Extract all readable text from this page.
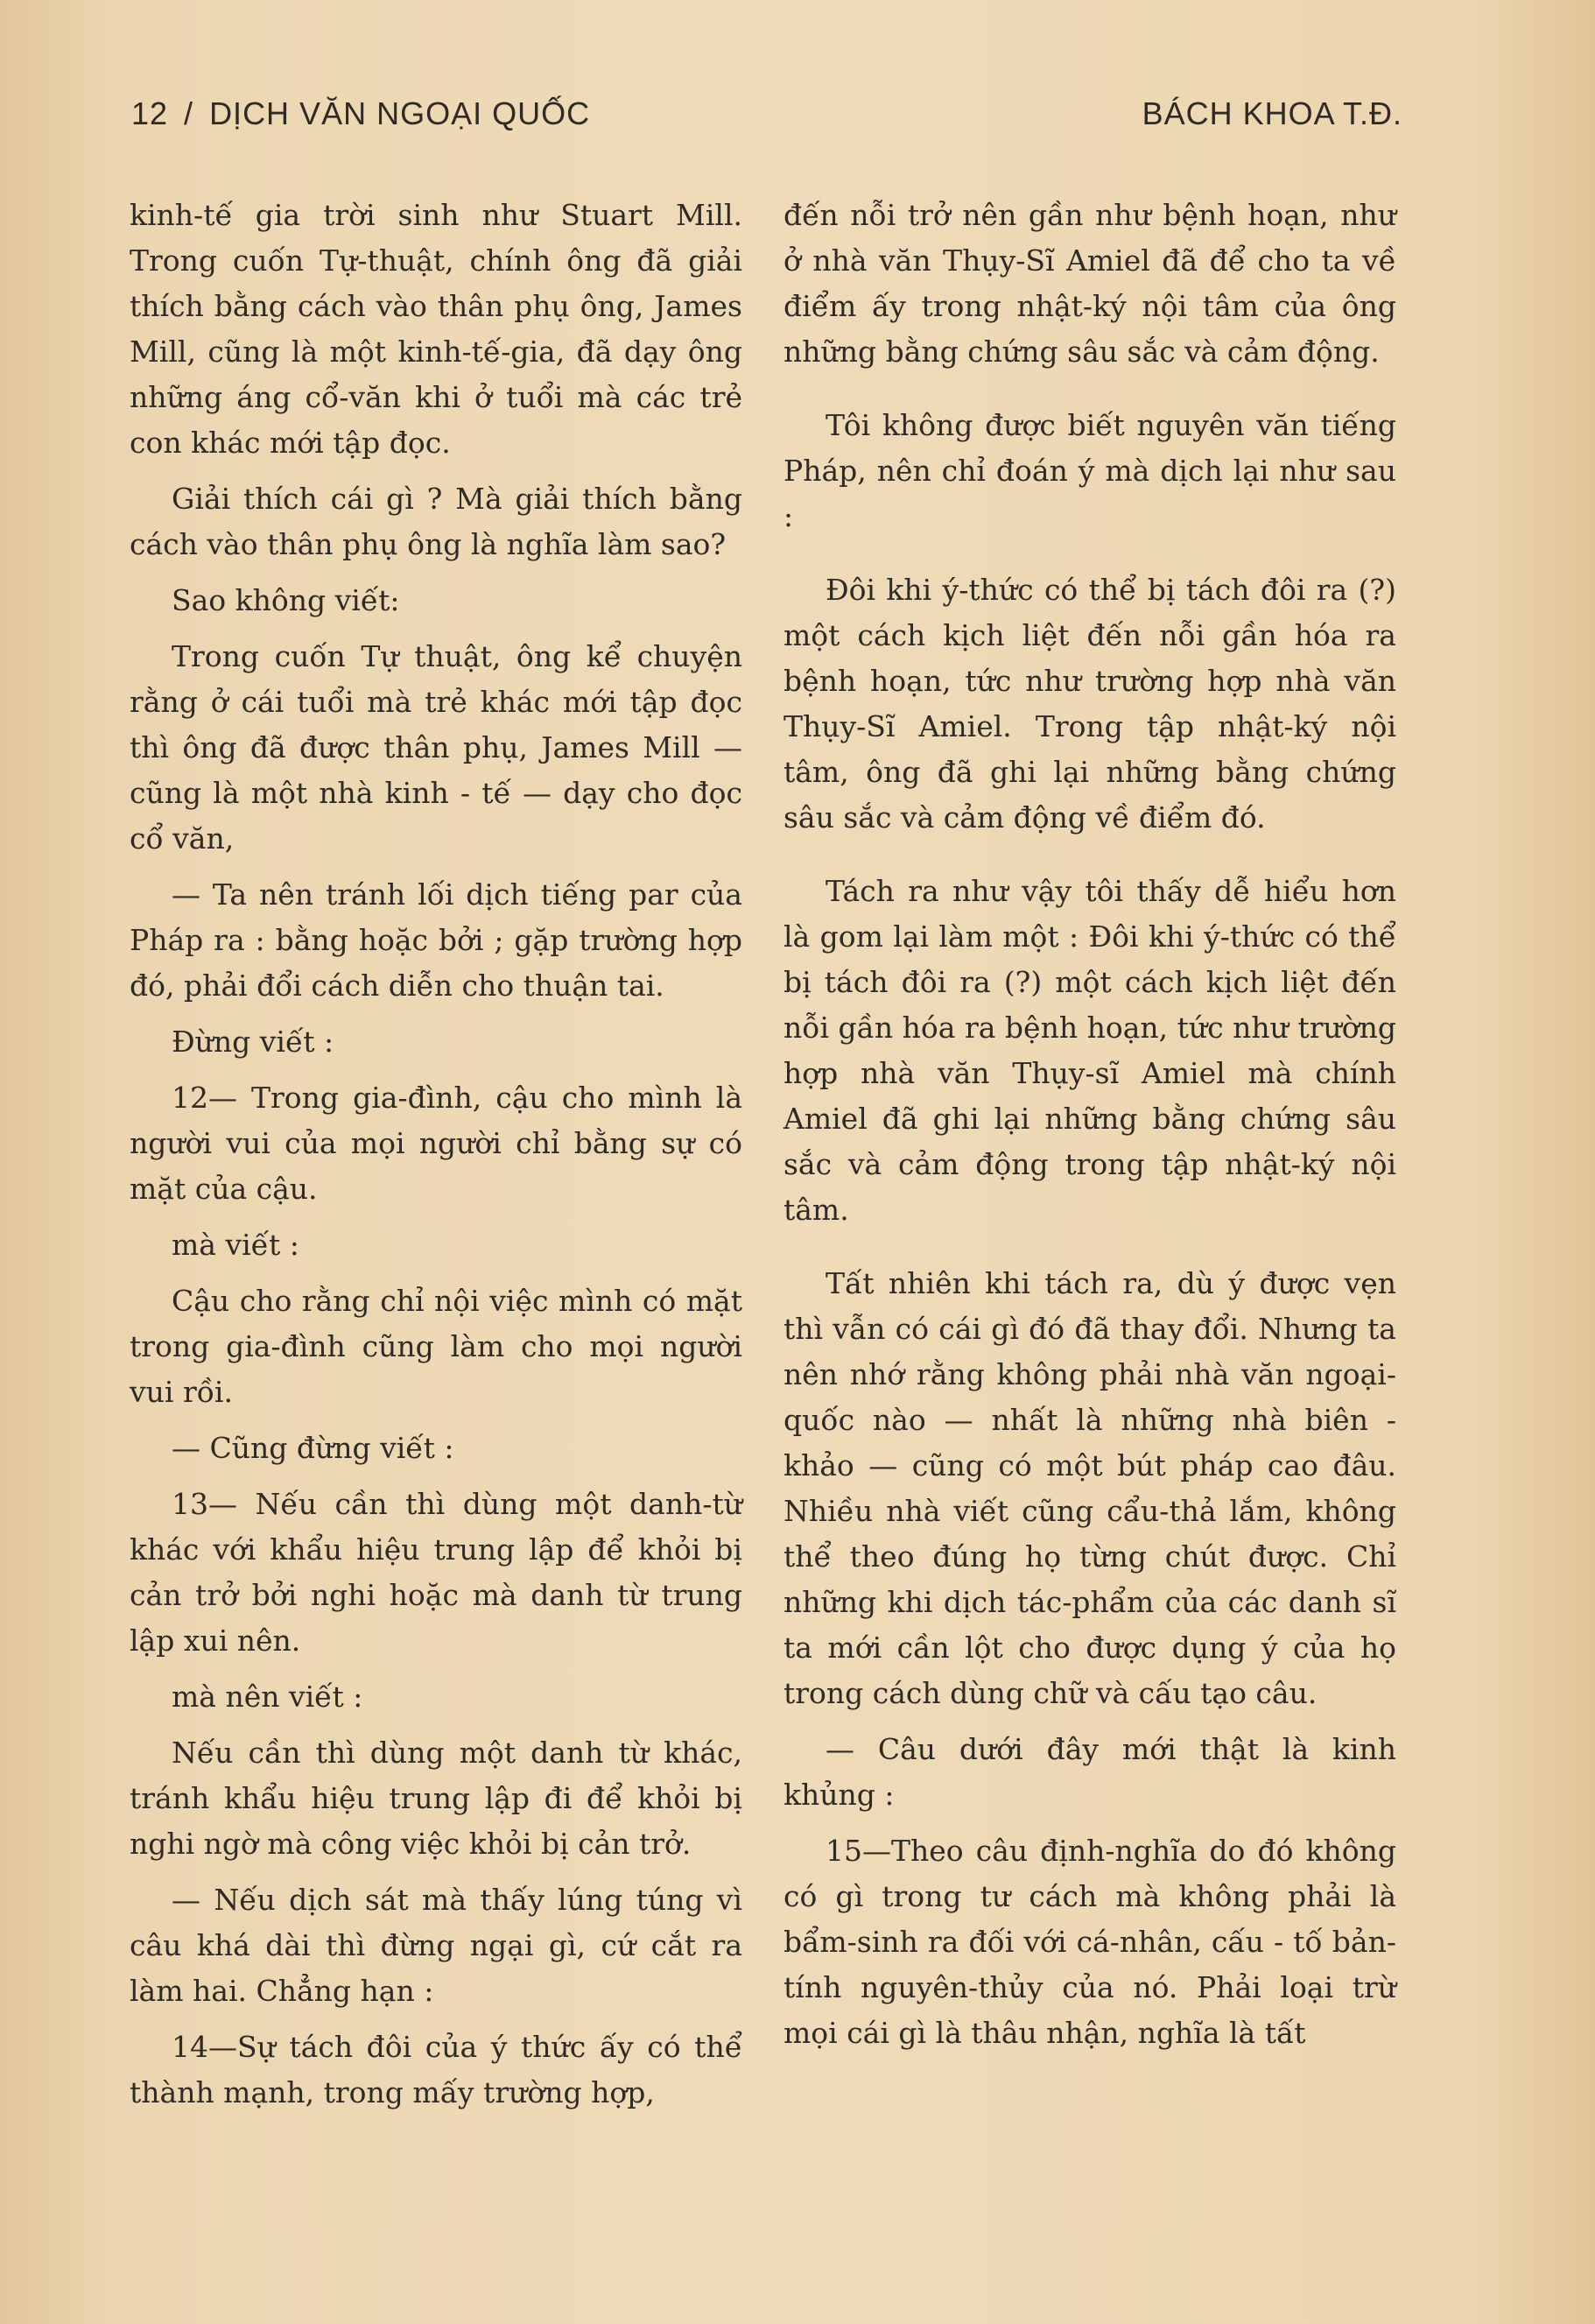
12 / DỊCH VĂN NGOẠI QUỐC	BÁCH KHOA T.Đ.

kinh-tế gia trời sinh như Stuart Mill. Trong cuốn Tự-thuật, chính ông đã giải thích bằng cách vào thân phụ ông, James Mill, cũng là một kinh-tế-gia, đã dạy ông những áng cổ-văn khi ở tuổi mà các trẻ con khác mới tập đọc.

Giải thích cái gì ? Mà giải thích bằng cách vào thân phụ ông là nghĩa làm sao?

Sao không viết:

Trong cuốn Tự thuật, ông kể chuyện rằng ở cái tuổi mà trẻ khác mới tập đọc thì ông đã được thân phụ, James Mill — cũng là một nhà kinh - tế — dạy cho đọc cổ văn,

— Ta nên tránh lối dịch tiếng par của Pháp ra : bằng hoặc bởi ; gặp trường hợp đó, phải đổi cách diễn cho thuận tai.

Đừng viết :

12— Trong gia-đình, cậu cho mình là người vui của mọi người chỉ bằng sự có mặt của cậu.

mà viết :

Cậu cho rằng chỉ nội việc mình có mặt trong gia-đình cũng làm cho mọi người vui rồi.

— Cũng đừng viết :

13— Nếu cần thì dùng một danh-từ khác với khẩu hiệu trung lập để khỏi bị cản trở bởi nghi hoặc mà danh từ trung lập xui nên.

mà nên viết :

Nếu cần thì dùng một danh từ khác, tránh khẩu hiệu trung lập đi để khỏi bị nghi ngờ mà công việc khỏi bị cản trở.

— Nếu dịch sát mà thấy lúng túng vì câu khá dài thì đừng ngại gì, cứ cắt ra làm hai. Chẳng hạn :

14—Sự tách đôi của ý thức ấy có thể thành mạnh, trong mấy trường hợp,

đến nỗi trở nên gần như bệnh hoạn, như ở nhà văn Thụy-Sĩ Amiel đã để cho ta về điểm ấy trong nhật-ký nội tâm của ông những bằng chứng sâu sắc và cảm động.

Tôi không được biết nguyên văn tiếng Pháp, nên chỉ đoán ý mà dịch lại như sau :

Đôi khi ý-thức có thể bị tách đôi ra (?) một cách kịch liệt đến nỗi gần hóa ra bệnh hoạn, tức như trường hợp nhà văn Thụy-Sĩ Amiel. Trong tập nhật-ký nội tâm, ông đã ghi lại những bằng chứng sâu sắc và cảm động về điểm đó.

Tách ra như vậy tôi thấy dễ hiểu hơn là gom lại làm một : Đôi khi ý-thức có thể bị tách đôi ra (?) một cách kịch liệt đến nỗi gần hóa ra bệnh hoạn, tức như trường hợp nhà văn Thụy-sĩ Amiel mà chính Amiel đã ghi lại những bằng chứng sâu sắc và cảm động trong tập nhật-ký nội tâm.

Tất nhiên khi tách ra, dù ý được vẹn thì vẫn có cái gì đó đã thay đổi. Nhưng ta nên nhớ rằng không phải nhà văn ngoại-quốc nào — nhất là những nhà biên - khảo — cũng có một bút pháp cao đâu. Nhiều nhà viết cũng cẩu-thả lắm, không thể theo đúng họ từng chút được. Chỉ những khi dịch tác-phẩm của các danh sĩ ta mới cần lột cho được dụng ý của họ trong cách dùng chữ và cấu tạo câu.

— Câu dưới đây mới thật là kinh khủng :

15—Theo câu định-nghĩa do đó không có gì trong tư cách mà không phải là bẩm-sinh ra đối với cá-nhân, cấu - tố bản-tính nguyên-thủy của nó. Phải loại trừ mọi cái gì là thâu nhận, nghĩa là tất
